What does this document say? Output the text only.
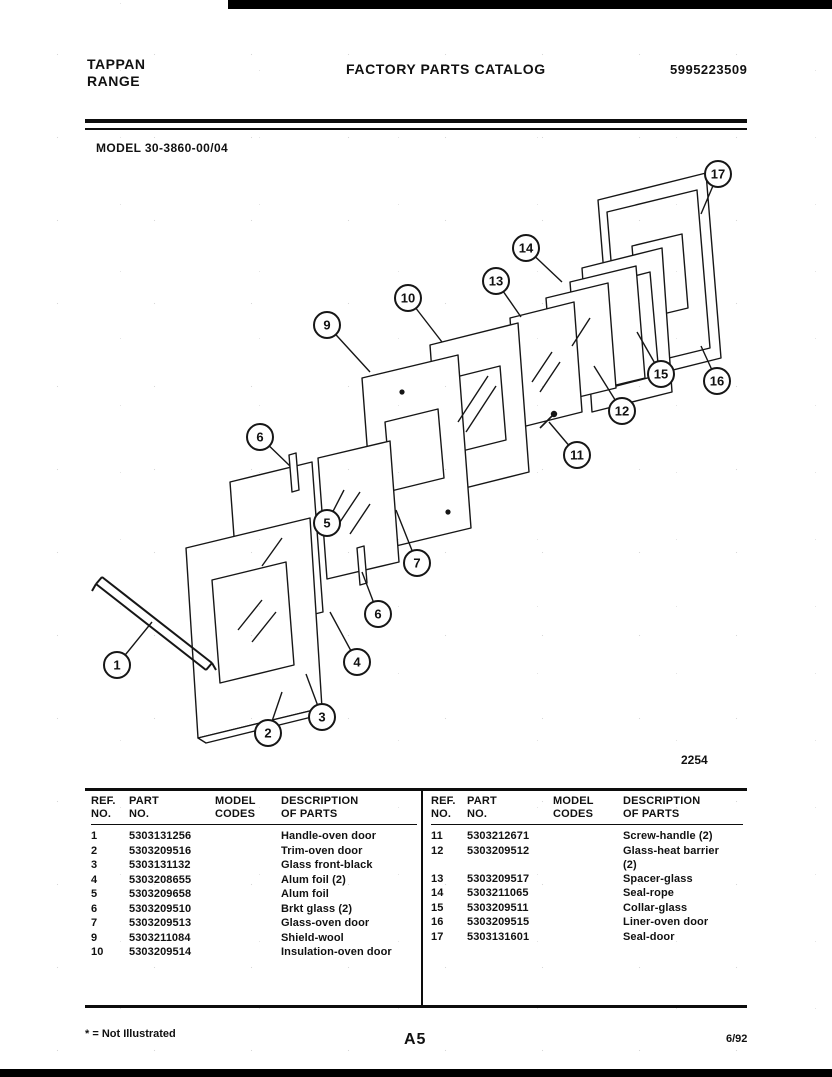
TAPPAN
RANGE
FACTORY PARTS CATALOG	5995223509
MODEL 30-3860-00/04
1
2
3
4
5
6
6
7
9
10
11
12
13
14
15	16
17
2254
REF.
NO.
PART
NO.
MODEL
CODES
DESCRIPTION
OF PARTS
1	5303131256	Handle-oven door
2	5303209516	Trim-oven door
3	5303131132	Glass front-black
4	5303208655	Alum foil (2)
5	5303209658	Alum foil
6	5303209510	Brkt glass (2)
7	5303209513	Glass-oven door
9	5303211084	Shield-wool
10	5303209514	Insulation-oven door
REF.
NO.
PART
NO.
MODEL
CODES
DESCRIPTION
OF PARTS
11	5303212671	Screw-handle (2)
12	5303209512	Glass-heat barrier (2)
13	5303209517	Spacer-glass
14	5303211065	Seal-rope
15	5303209511	Collar-glass
16	5303209515	Liner-oven door
17	5303131601	Seal-door
* = Not Illustrated	A5	6/92
